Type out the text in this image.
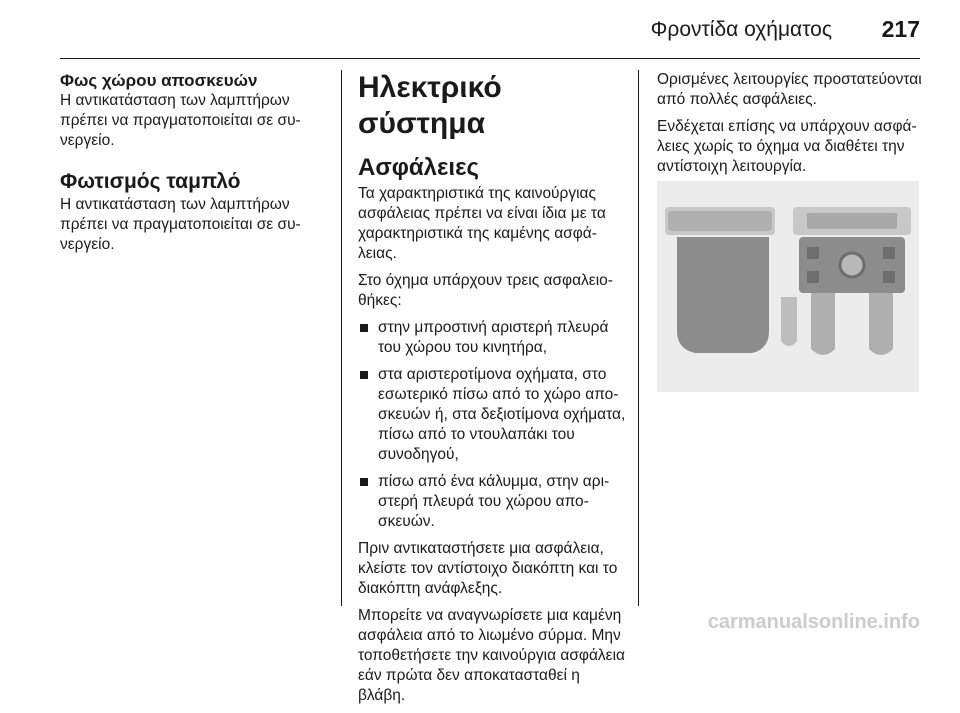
Φροντίδα οχήματος 217
Φως χώρου αποσκευών

Η αντικατάσταση των λαμπτήρων πρέπει να πραγματοποιείται σε συνεργείο.

Φωτισμός ταμπλό

Η αντικατάσταση των λαμπτήρων πρέπει να πραγματοποιείται σε συνεργείο.

Ηλεκτρικό σύστημα
Ασφάλειες

Τα χαρακτηριστικά της καινούργιας ασφάλειας πρέπει να είναι ίδια με τα χαρακτηριστικά της καμένης ασφάλειας.

Στο όχημα υπάρχουν τρεις ασφαλειοθήκες:

στην μπροστινή αριστερή πλευρά του χώρου του κινητήρα,
στα αριστεροτίμονα οχήματα, στο εσωτερικό πίσω από το χώρο αποσκευών ή, στα δεξιοτίμονα οχήματα, πίσω από το ντουλαπάκι του συνοδηγού,
πίσω από ένα κάλυμμα, στην αριστερή πλευρά του χώρου αποσκευών.

Πριν αντικαταστήσετε μια ασφάλεια, κλείστε τον αντίστοιχο διακόπτη και το διακόπτη ανάφλεξης.

Μπορείτε να αναγνωρίσετε μια καμένη ασφάλεια από το λιωμένο σύρμα. Μην τοποθετήσετε την καινούργια ασφάλεια εάν πρώτα δεν αποκατασταθεί η βλάβη.

Ορισμένες λειτουργίες προστατεύονται από πολλές ασφάλειες.

Ενδέχεται επίσης να υπάρχουν ασφάλειες χωρίς το όχημα να διαθέτει την αντίστοιχη λειτουργία.

carmanualsonline.info
